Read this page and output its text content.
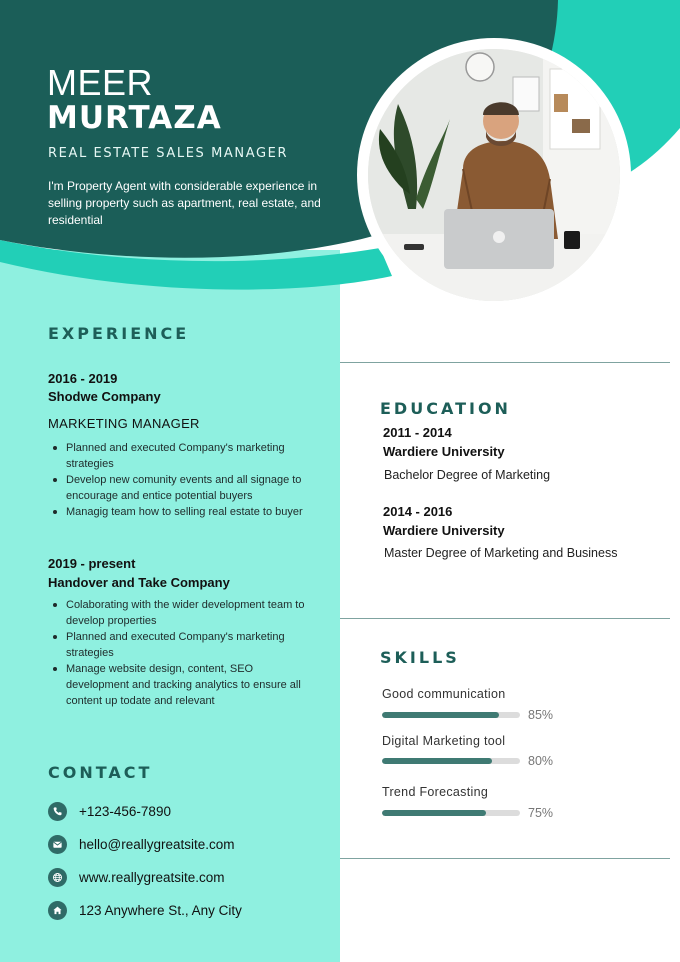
MEER
MURTAZA
REAL ESTATE SALES MANAGER
I'm Property Agent with considerable experience in selling property such as apartment, real estate, and residential
EXPERIENCE
2016 - 2019
Shodwe Company
MARKETING MANAGER
Planned and executed Company's marketing strategies
Develop new comunity events and all signage to encourage and entice potential buyers
Managig team how to selling real estate to buyer
2019 - present
Handover and Take Company
Colaborating with the wider development team to develop properties
Planned and executed Company's marketing strategies
Manage website design, content, SEO development and tracking analytics to ensure all content up todate and relevant
CONTACT
+123-456-7890
hello@reallygreatsite.com
www.reallygreatsite.com
123 Anywhere St., Any City
EDUCATION
2011 - 2014
Wardiere University
Bachelor Degree of Marketing
2014 - 2016
Wardiere University
Master Degree of Marketing and Business
SKILLS
Good communication
85%
Digital Marketing tool
80%
Trend Forecasting
75%
